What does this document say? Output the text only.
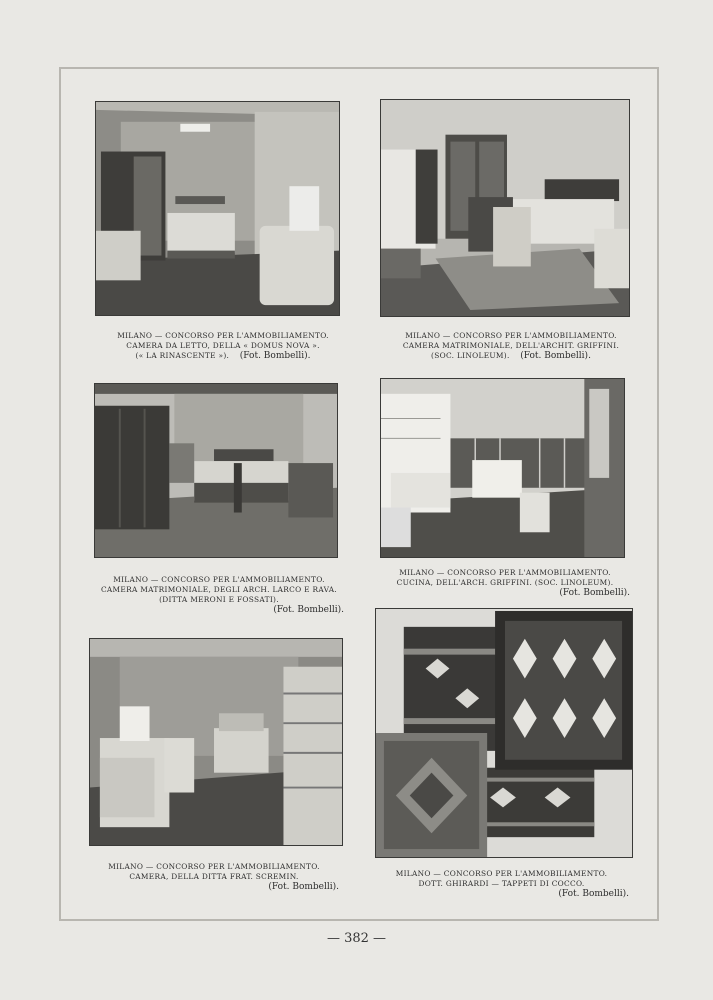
MILANO — CONCORSO PER L'AMMOBILIAMENTO.
CAMERA DA LETTO, DELLA « DOMUS NOVA ».
(« LA RINASCENTE »). (Fot. Bombelli).
MILANO — CONCORSO PER L'AMMOBILIAMENTO.
CAMERA MATRIMONIALE, DELL'ARCHIT. GRIFFINI.
(SOC. LINOLEUM). (Fot. Bombelli).
MILANO — CONCORSO PER L'AMMOBILIAMENTO.
CAMERA MATRIMONIALE, DEGLI ARCH. LARCO E RAVA.
(DITTA MERONI E FOSSATI).
(Fot. Bombelli).
MILANO — CONCORSO PER L'AMMOBILIAMENTO.
CUCINA, DELL'ARCH. GRIFFINI. (SOC. LINOLEUM).
(Fot. Bombelli).
MILANO — CONCORSO PER L'AMMOBILIAMENTO.
CAMERA, DELLA DITTA FRAT. SCREMIN.
(Fot. Bombelli).
MILANO — CONCORSO PER L'AMMOBILIAMENTO.
DOTT. GHIRARDI — TAPPETI DI COCCO.
(Fot. Bombelli).
— 382 —
